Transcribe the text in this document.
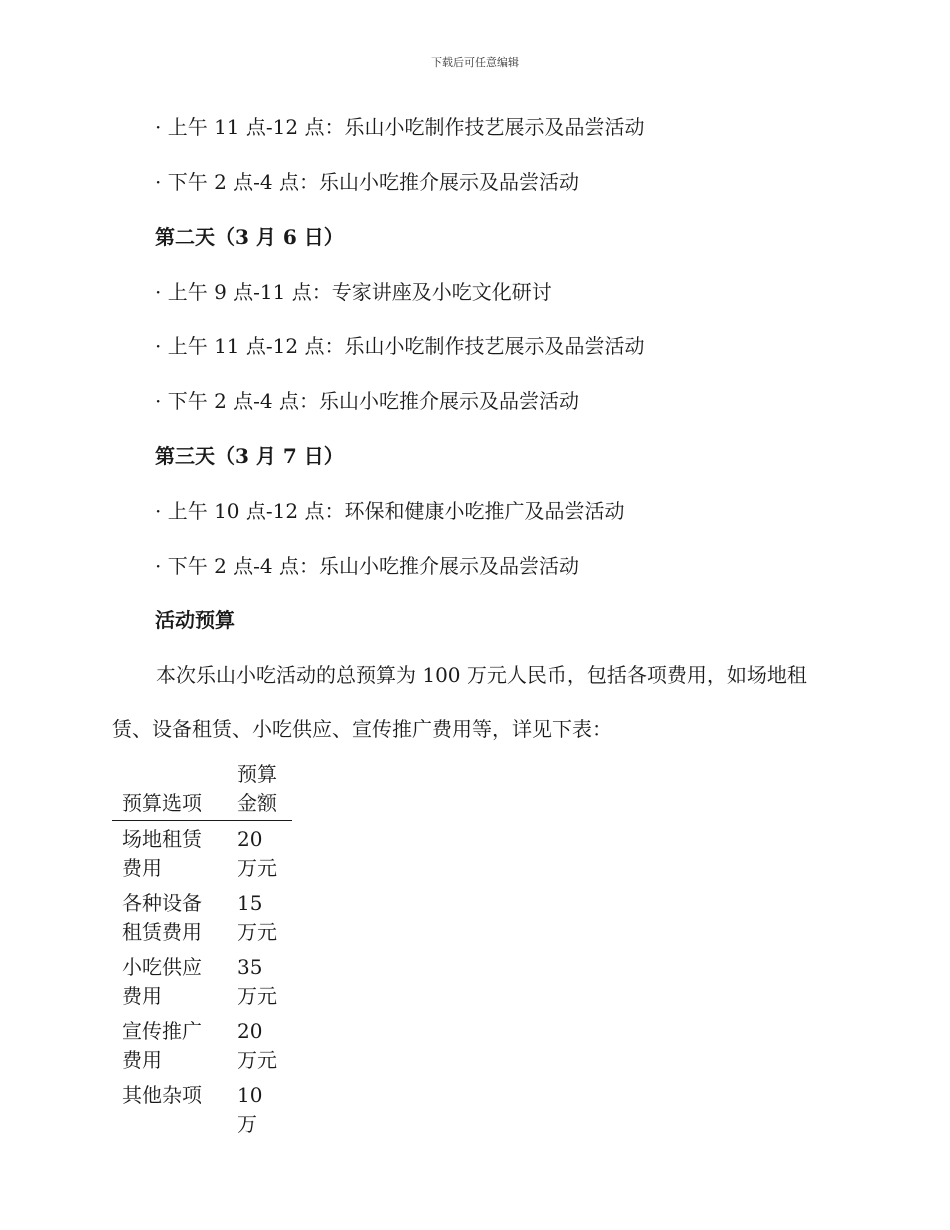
下载后可任意编辑
· 上午 11 点-12 点：乐山小吃制作技艺展示及品尝活动
· 下午 2 点-4 点：乐山小吃推介展示及品尝活动
第二天（3 月 6 日）
· 上午 9 点-11 点：专家讲座及小吃文化研讨
· 上午 11 点-12 点：乐山小吃制作技艺展示及品尝活动
· 下午 2 点-4 点：乐山小吃推介展示及品尝活动
第三天（3 月 7 日）
· 上午 10 点-12 点：环保和健康小吃推广及品尝活动
· 下午 2 点-4 点：乐山小吃推介展示及品尝活动
活动预算
本次乐山小吃活动的总预算为 100 万元人民币，包括各项费用，如场地租赁、设备租赁、小吃供应、宣传推广费用等，详见下表：
预算选项	预算金额
场地租赁费用	20 万元
各种设备租赁费用	15 万元
小吃供应费用	35 万元
宣传推广费用	20 万元
其他杂项	10 万
